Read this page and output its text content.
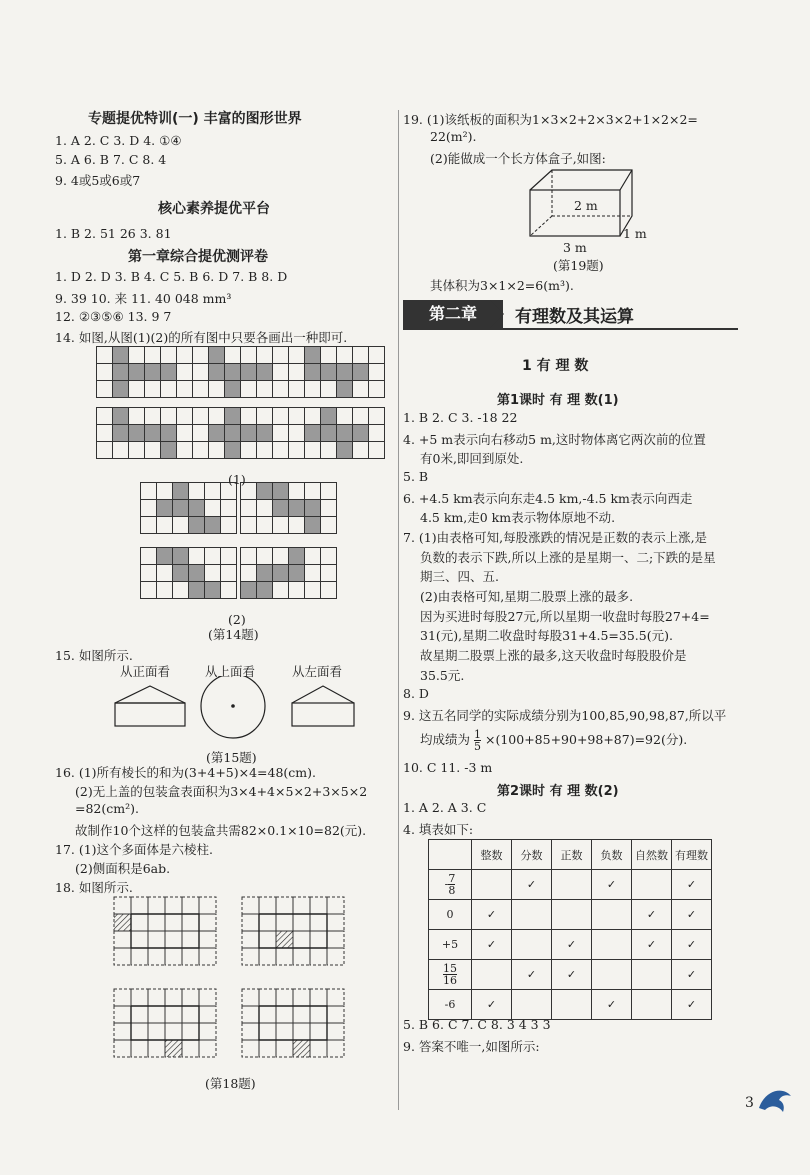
专题提优特训(一) 丰富的图形世界
1. A 2. C 3. D 4. ①④
5. A 6. B 7. C 8. 4
9. 4或5或6或7
核心素养提优平台
1. B 2. 51 26 3. 81
第一章综合提优测评卷
1. D 2. D 3. B 4. C 5. B 6. D 7. B 8. D
9. 39 10. 来 11. 40 048 mm³
12. ②③⑤⑥ 13. 9 7
14. 如图,从图(1)(2)的所有图中只要各画出一种即可.
(1)
(2)
(第14题)
15. 如图所示.
从正面看	从上面看	从左面看
(第15题)
16. (1)所有棱长的和为(3+4+5)×4=48(cm).
(2)无上盖的包装盒表面积为3×4+4×5×2+3×5×2
=82(cm²).
故制作10个这样的包装盒共需82×0.1×10=82(元).
17. (1)这个多面体是六棱柱.
(2)侧面积是6ab.
18. 如图所示.
(第18题)
19. (1)该纸板的面积为1×3×2+2×3×2+1×2×2=
22(m²).
(2)能做成一个长方体盒子,如图:
2 m
3 m
1 m
(第19题)
其体积为3×1×2=6(m³).
第二章	有理数及其运算
1 有 理 数
第1课时 有 理 数(1)
1. B 2. C 3. -18 22
4. +5 m表示向右移动5 m,这时物体离它两次前的位置
有0米,即回到原处.
5. B
6. +4.5 km表示向东走4.5 km,-4.5 km表示向西走
4.5 km,走0 km表示物体原地不动.
7. (1)由表格可知,每股涨跌的情况是正数的表示上涨,是
负数的表示下跌,所以上涨的是星期一、二;下跌的是星
期三、四、五.
(2)由表格可知,星期二股票上涨的最多.
因为买进时每股27元,所以星期一收盘时每股27+4=
31(元),星期二收盘时每股31+4.5=35.5(元).
故星期二股票上涨的最多,这天收盘时每股股价是
35.5元.
8. D
9. 这五名同学的实际成绩分别为100,85,90,98,87,所以平
均成绩为 $\frac{1}{5} \times(100+85+90+98+87)=92$(分).
10. C 11. -3 m
第2课时 有 理 数(2)
1. A 2. A 3. C
4. 填表如下:
	整数	分数	正数	负数	自然数	有理数
- $\frac{7}{8}$		✓		✓		✓
0	✓				✓	✓
+5	✓		✓		✓	✓

$\frac{15}{16}$		✓	✓			✓
-6	✓			✓		✓
5. B 6. C 7. C 8. 3 4 3 3
9. 答案不唯一,如图所示:
3
